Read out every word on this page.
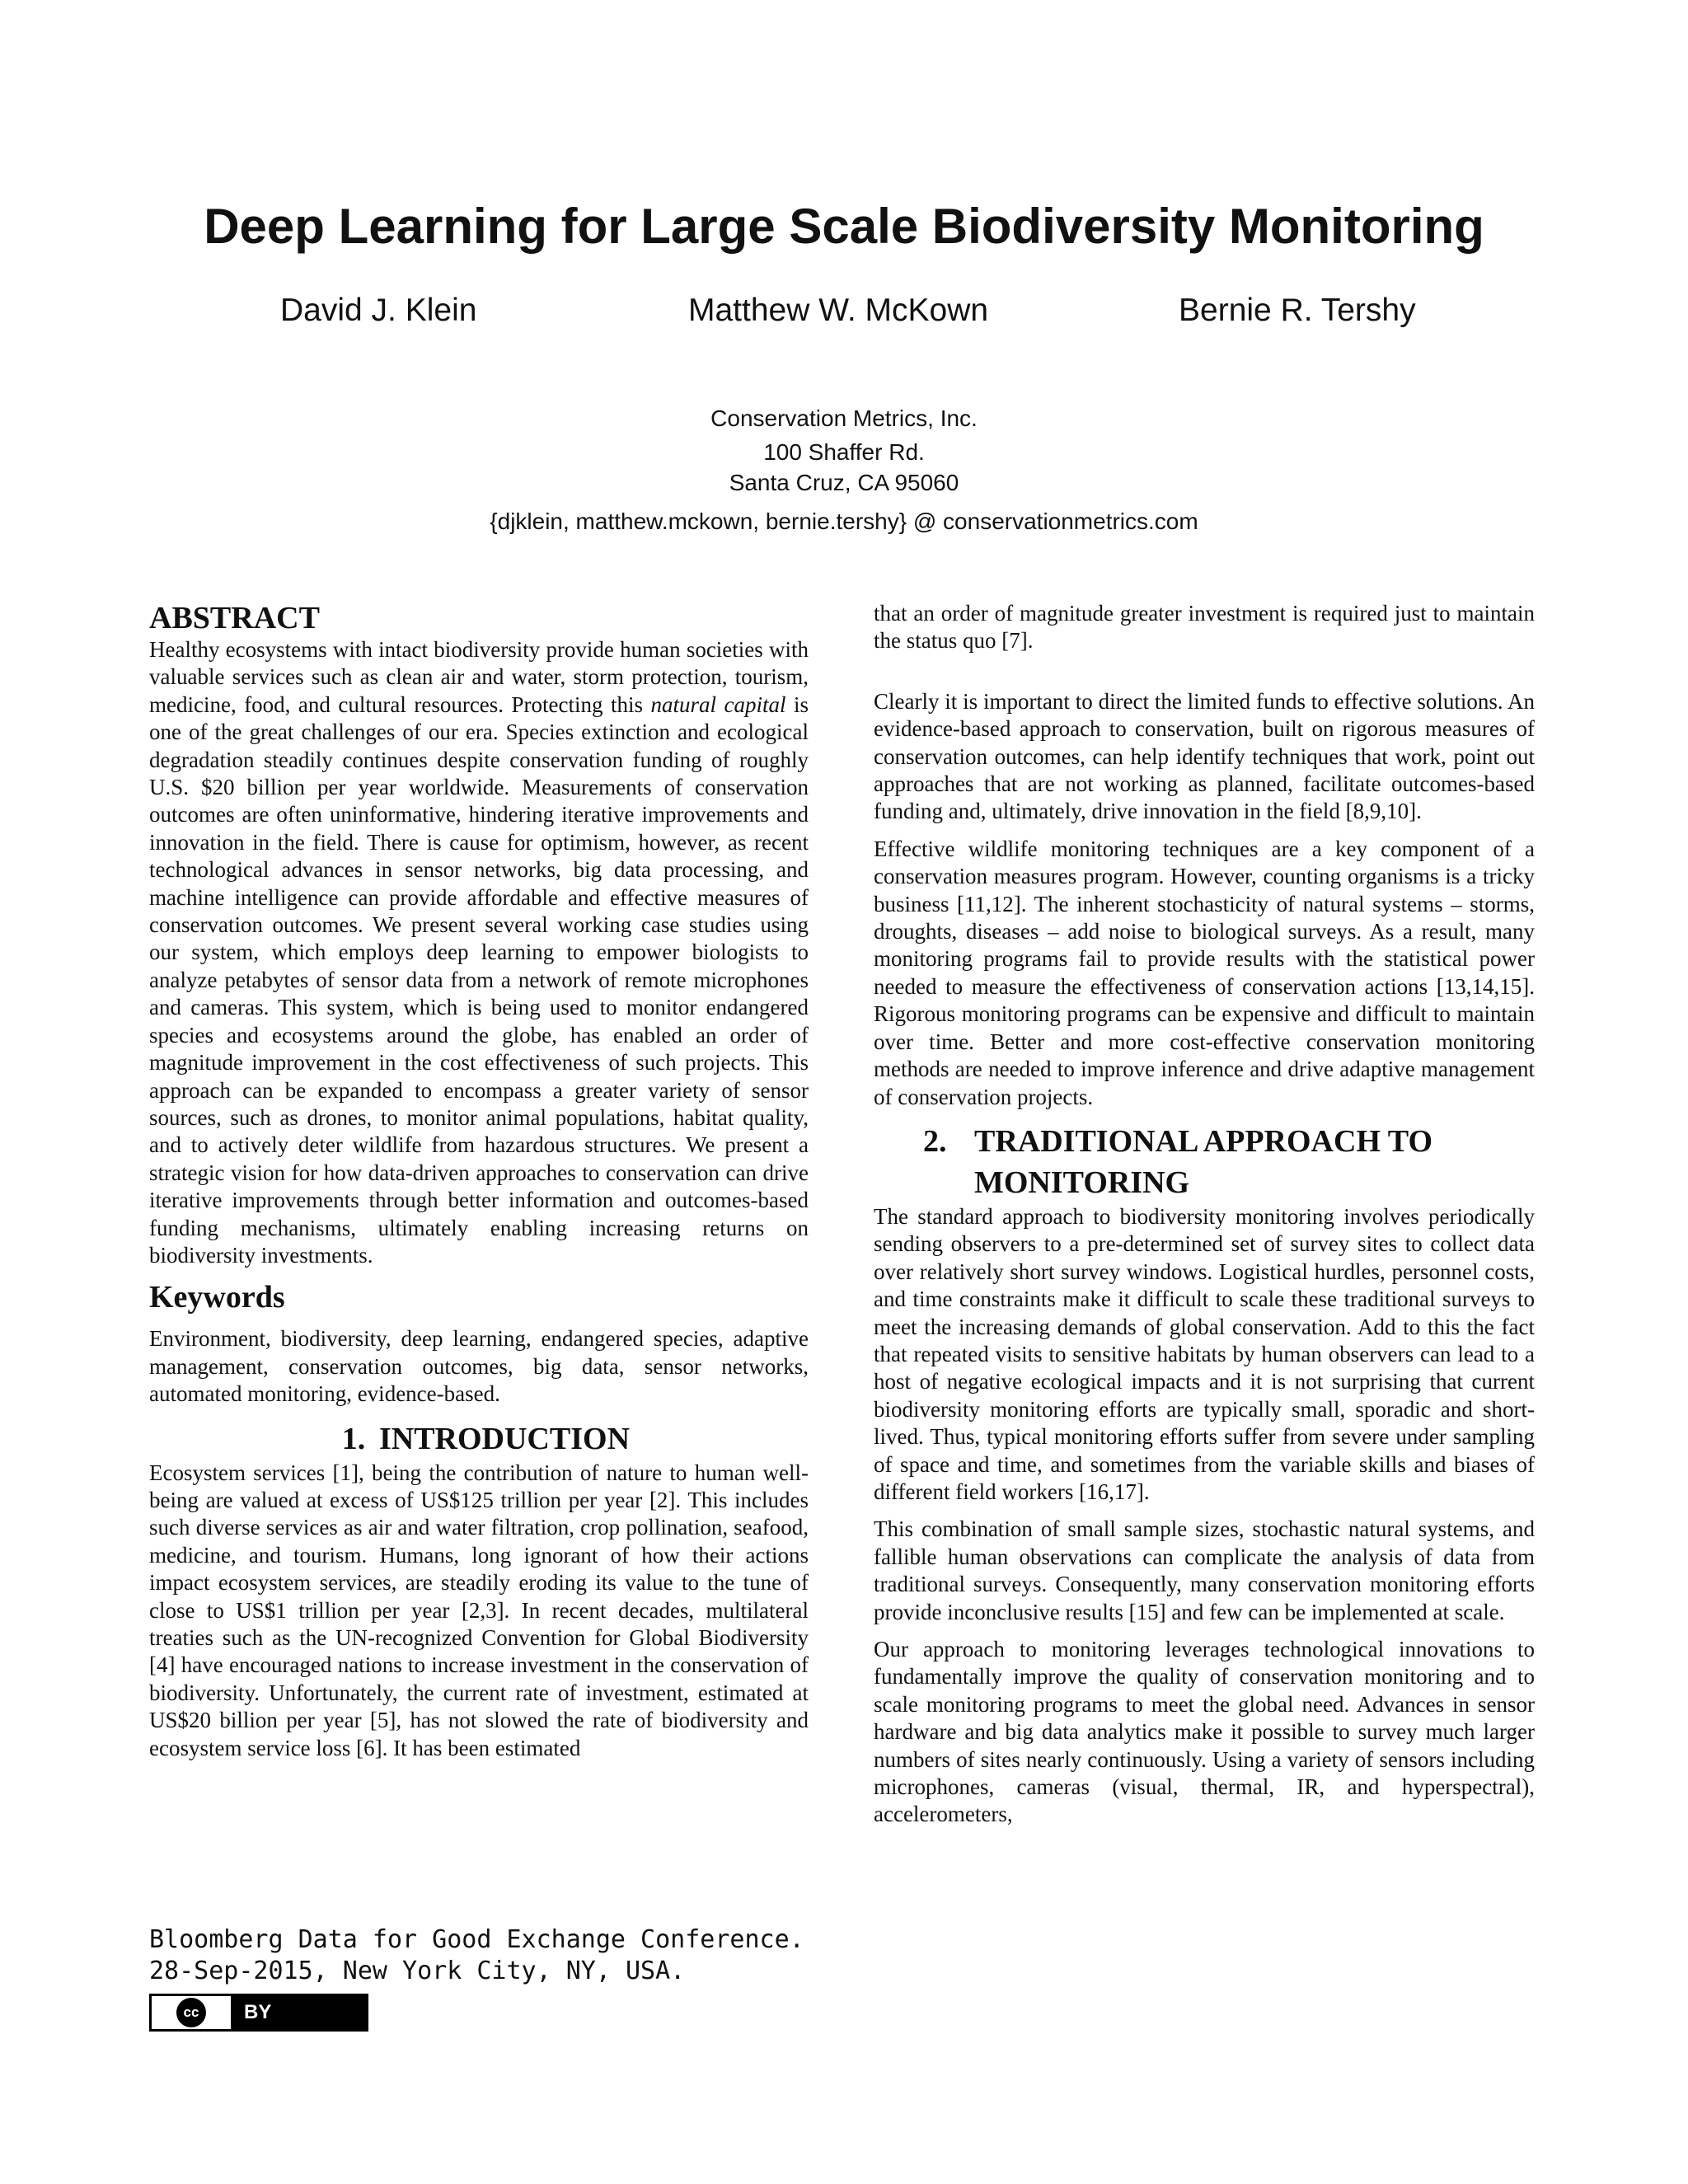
Deep Learning for Large Scale Biodiversity Monitoring
David J. Klein	Matthew W. McKown	Bernie R. Tershy
Conservation Metrics, Inc.
100 Shaffer Rd.
Santa Cruz, CA 95060
{djklein, matthew.mckown, bernie.tershy} @ conservationmetrics.com
ABSTRACT

Healthy ecosystems with intact biodiversity provide human societies with valuable services such as clean air and water, storm protection, tourism, medicine, food, and cultural resources. Protecting this natural capital is one of the great challenges of our era. Species extinction and ecological degradation steadily continues despite conservation funding of roughly U.S. $20 billion per year worldwide. Measurements of conservation outcomes are often uninformative, hindering iterative improvements and innovation in the field. There is cause for optimism, however, as recent technological advances in sensor networks, big data processing, and machine intelligence can provide affordable and effective measures of conservation outcomes. We present several working case studies using our system, which employs deep learning to empower biologists to analyze petabytes of sensor data from a network of remote microphones and cameras. This system, which is being used to monitor endangered species and ecosystems around the globe, has enabled an order of magnitude improvement in the cost effectiveness of such projects. This approach can be expanded to encompass a greater variety of sensor sources, such as drones, to monitor animal populations, habitat quality, and to actively deter wildlife from hazardous structures. We present a strategic vision for how data-driven approaches to conservation can drive iterative improvements through better information and outcomes-based funding mechanisms, ultimately enabling increasing returns on biodiversity investments.

Keywords

Environment, biodiversity, deep learning, endangered species, adaptive management, conservation outcomes, big data, sensor networks, automated monitoring, evidence-based.

1. INTRODUCTION

Ecosystem services [1], being the contribution of nature to human well-being are valued at excess of US$125 trillion per year [2]. This includes such diverse services as air and water filtration, crop pollination, seafood, medicine, and tourism. Humans, long ignorant of how their actions impact ecosystem services, are steadily eroding its value to the tune of close to US$1 trillion per year [2,3]. In recent decades, multilateral treaties such as the UN-recognized Convention for Global Biodiversity [4] have encouraged nations to increase investment in the conservation of biodiversity. Unfortunately, the current rate of investment, estimated at US$20 billion per year [5], has not slowed the rate of biodiversity and ecosystem service loss [6]. It has been estimated

that an order of magnitude greater investment is required just to maintain the status quo [7].

Clearly it is important to direct the limited funds to effective solutions. An evidence-based approach to conservation, built on rigorous measures of conservation outcomes, can help identify techniques that work, point out approaches that are not working as planned, facilitate outcomes-based funding and, ultimately, drive innovation in the field [8,9,10].

Effective wildlife monitoring techniques are a key component of a conservation measures program. However, counting organisms is a tricky business [11,12]. The inherent stochasticity of natural systems – storms, droughts, diseases – add noise to biological surveys. As a result, many monitoring programs fail to provide results with the statistical power needed to measure the effectiveness of conservation actions [13,14,15]. Rigorous monitoring programs can be expensive and difficult to maintain over time. Better and more cost-effective conservation monitoring methods are needed to improve inference and drive adaptive management of conservation projects.

2. TRADITIONAL APPROACH TO
MONITORING

The standard approach to biodiversity monitoring involves periodically sending observers to a pre-determined set of survey sites to collect data over relatively short survey windows. Logistical hurdles, personnel costs, and time constraints make it difficult to scale these traditional surveys to meet the increasing demands of global conservation. Add to this the fact that repeated visits to sensitive habitats by human observers can lead to a host of negative ecological impacts and it is not surprising that current biodiversity monitoring efforts are typically small, sporadic and short-lived. Thus, typical monitoring efforts suffer from severe under sampling of space and time, and sometimes from the variable skills and biases of different field workers [16,17].

This combination of small sample sizes, stochastic natural systems, and fallible human observations can complicate the analysis of data from traditional surveys. Consequently, many conservation monitoring efforts provide inconclusive results [15] and few can be implemented at scale.

Our approach to monitoring leverages technological innovations to fundamentally improve the quality of conservation monitoring and to scale monitoring programs to meet the global need. Advances in sensor hardware and big data analytics make it possible to survey much larger numbers of sites nearly continuously. Using a variety of sensors including microphones, cameras (visual, thermal, IR, and hyperspectral), accelerometers,

Bloomberg Data for Good Exchange Conference.
28-Sep-2015, New York City, NY, USA.
cc	BY
